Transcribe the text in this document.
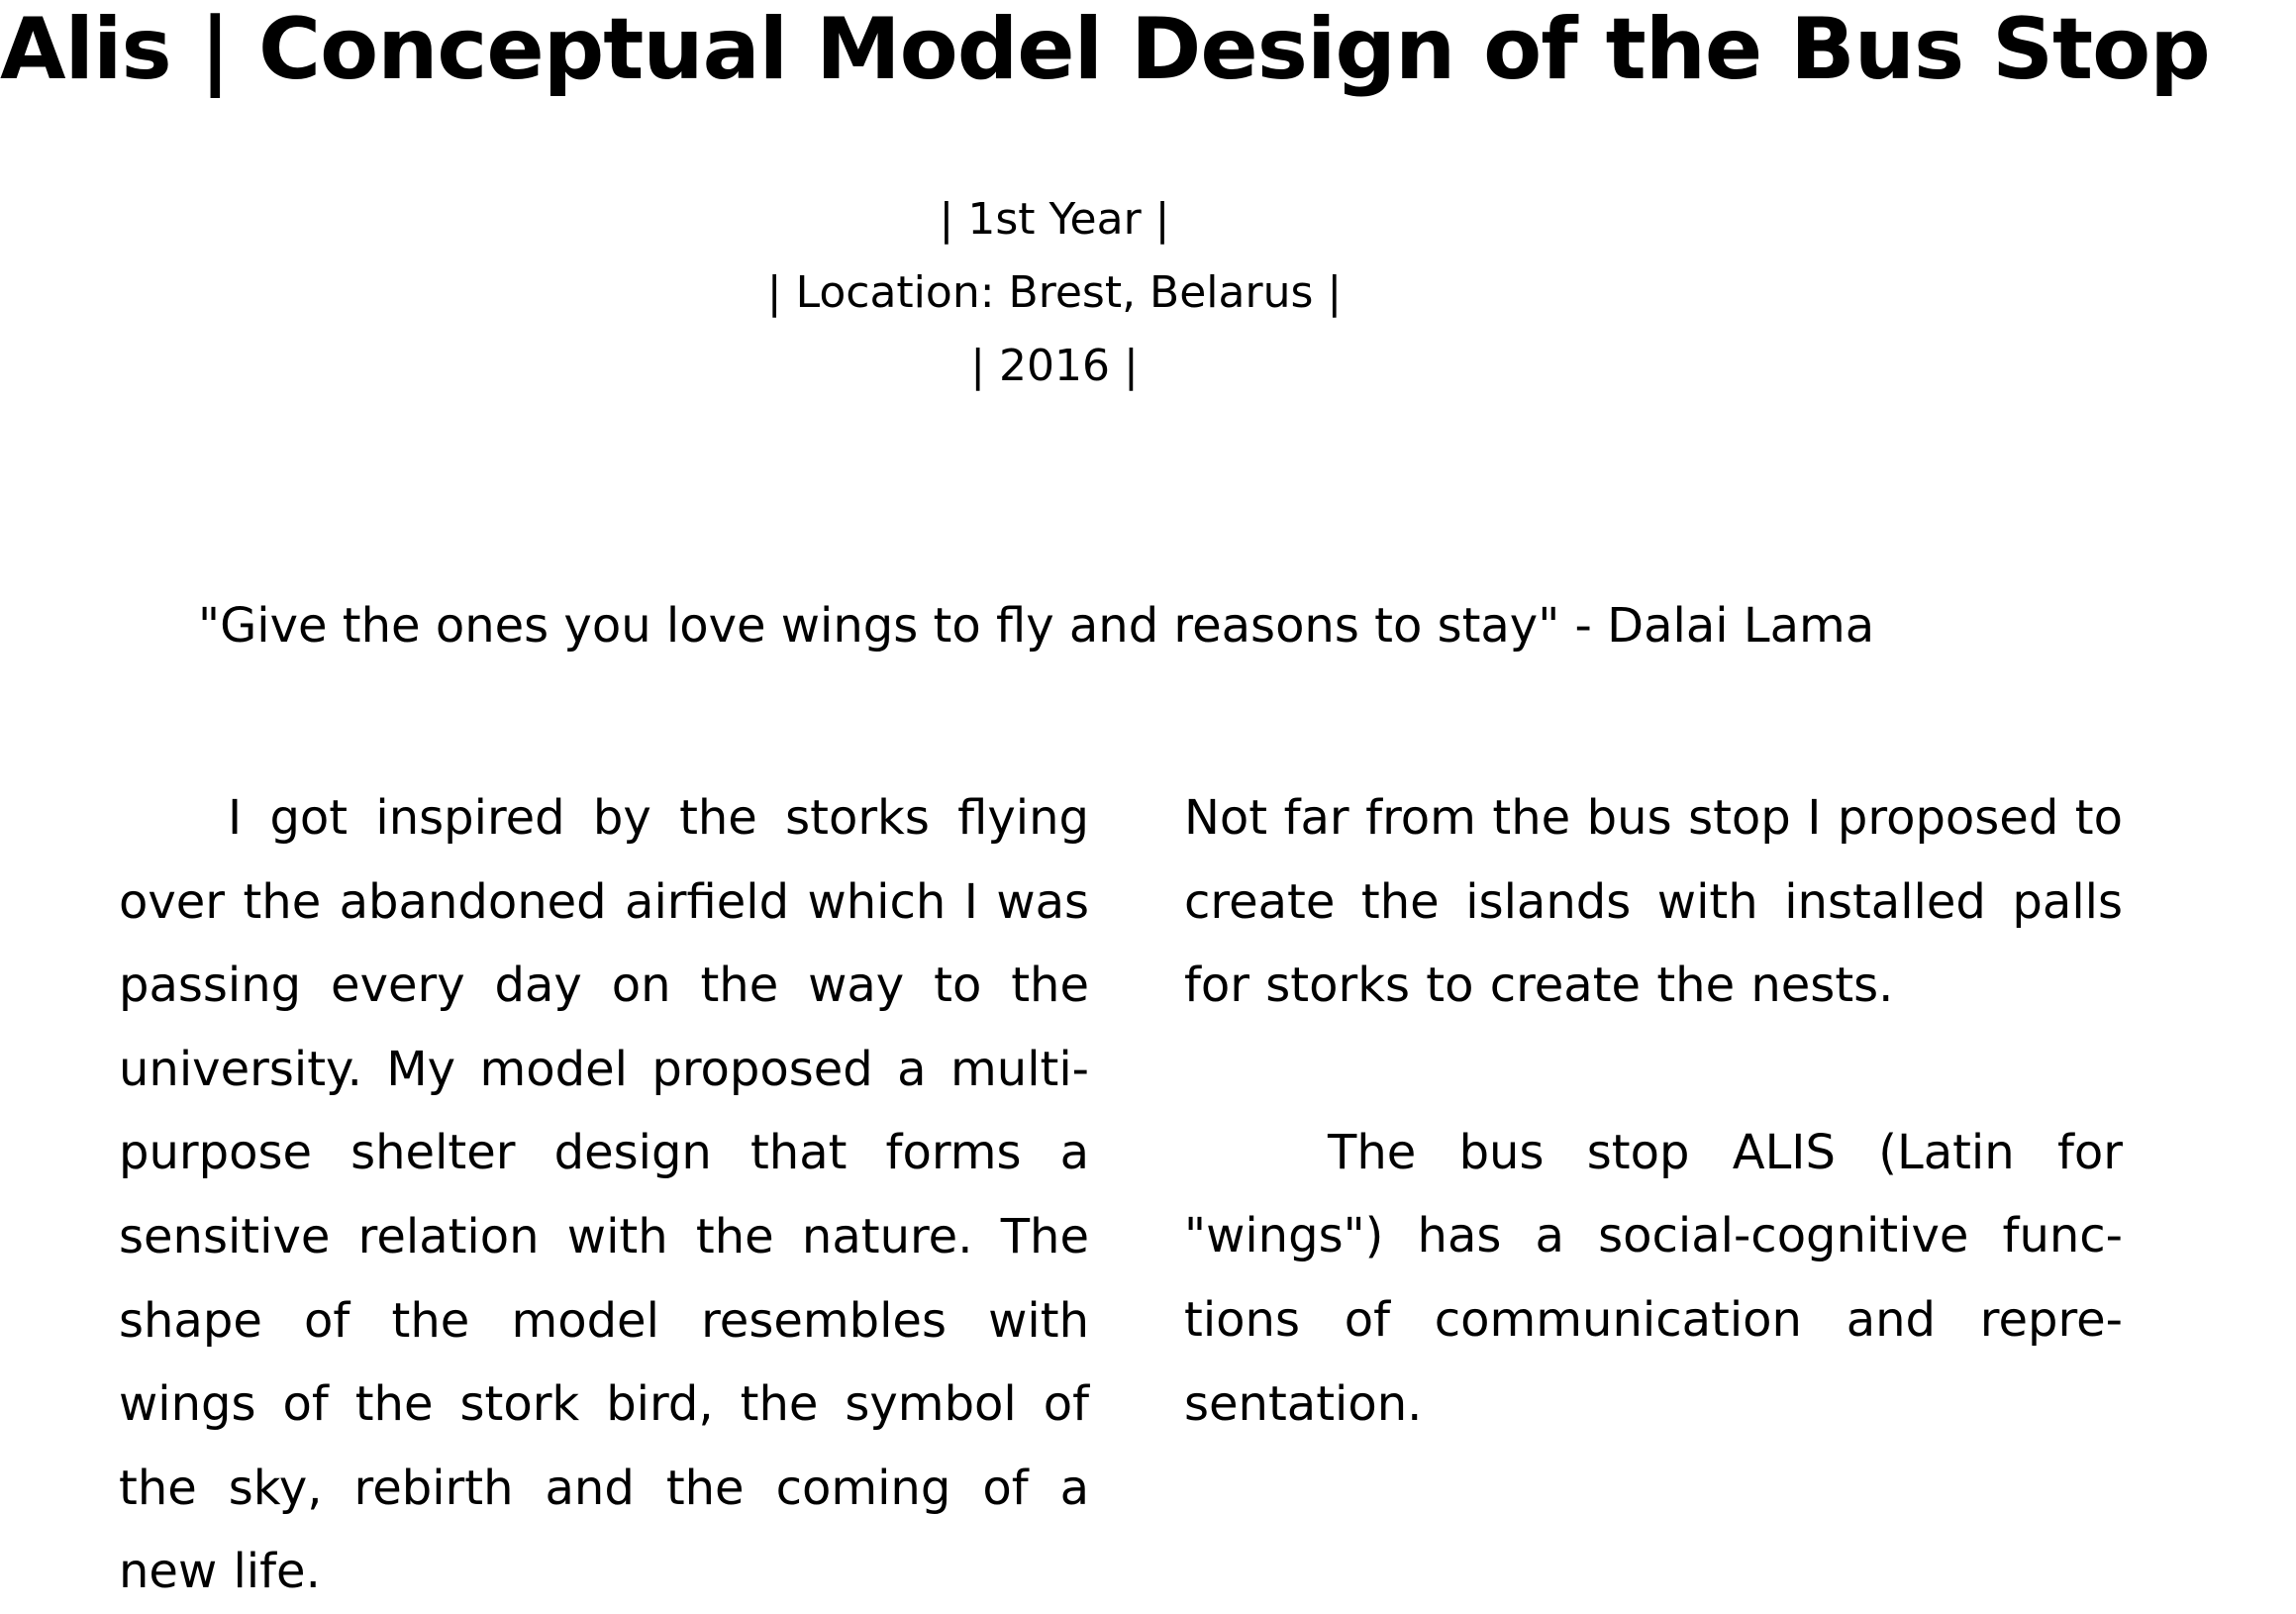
Alis | Conceptual Model Design of the Bus Stop
| 1st Year |
| Location: Brest, Belarus |
| 2016 |
"Give the ones you love wings to fly and reasons to stay" - Dalai Lama

I got inspired by the storks flying over the abandoned airfield which I was passing every day on the way to the university. My model proposed a multi-purpose shelter design that forms a sensitive relation with the nature. The shape of the model resembles with wings of the stork bird, the symbol of the sky, rebirth and the coming of a new life.

Not far from the bus stop I proposed to create the islands with installed palls for storks to create the nests.

The bus stop ALIS (Latin for "wings") has a social-cognitive functions of communication and representation.
